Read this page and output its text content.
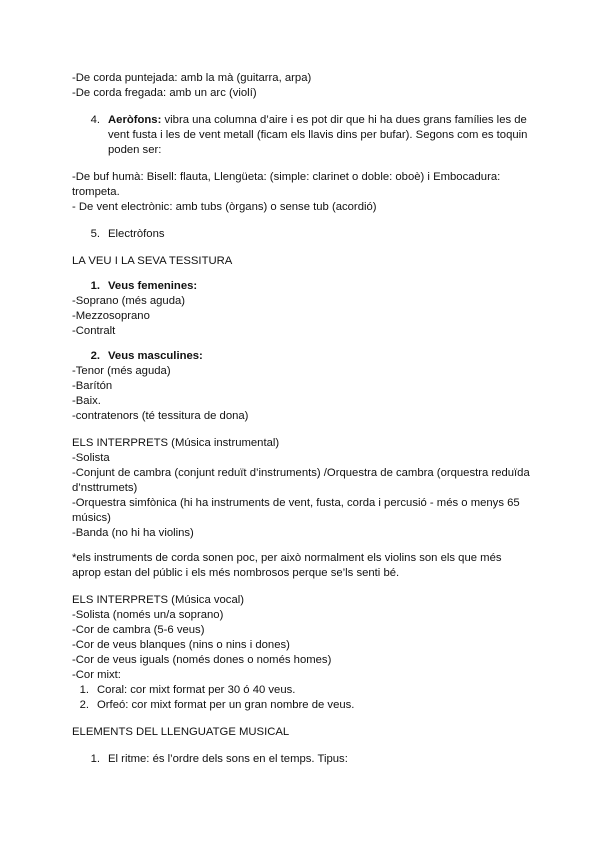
-De corda puntejada: amb la mà (guitarra, arpa)
-De corda fregada: amb un arc (violí)
4. Aeròfons: vibra una columna d’aire i es pot dir que hi ha dues grans famílies les de vent fusta i les de vent metall (ficam els llavis dins per bufar). Segons com es toquin poden ser:
-De buf humà: Bisell: flauta, Llengüeta: (simple: clarinet o doble: oboè) i Embocadura: trompeta.
- De vent electrònic: amb tubs (òrgans) o sense tub (acordió)
5. Electròfons
LA VEU I LA SEVA TESSITURA
1. Veus femenines:
-Soprano (més aguda)
-Mezzosoprano
-Contralt
2. Veus masculines:
-Tenor (més aguda)
-Barítón
-Baix.
-contratenors (té tessitura de dona)
ELS INTERPRETS (Música instrumental)
-Solista
-Conjunt de cambra (conjunt reduït d’instruments) /Orquestra de cambra (orquestra reduïda d’nsttrumets)
-Orquestra simfònica (hi ha instruments de vent, fusta, corda i percusió - més o menys 65 músics)
-Banda (no hi ha violins)
*els instruments de corda sonen poc, per això normalment els violins son els que més aprop estan del públic i els més nombrosos perque se’ls senti bé.
ELS INTERPRETS (Música vocal)
-Solista (només un/a soprano)
-Cor de cambra (5-6 veus)
-Cor de veus blanques (nins o nins i dones)
-Cor de veus iguals (només dones o només homes)
-Cor mixt:
1. Coral: cor mixt format per 30 ó 40 veus.
2. Orfeó: cor mixt format per un gran nombre de veus.
ELEMENTS DEL LLENGUATGE MUSICAL
1. El ritme: és l’ordre dels sons en el temps. Tipus:
